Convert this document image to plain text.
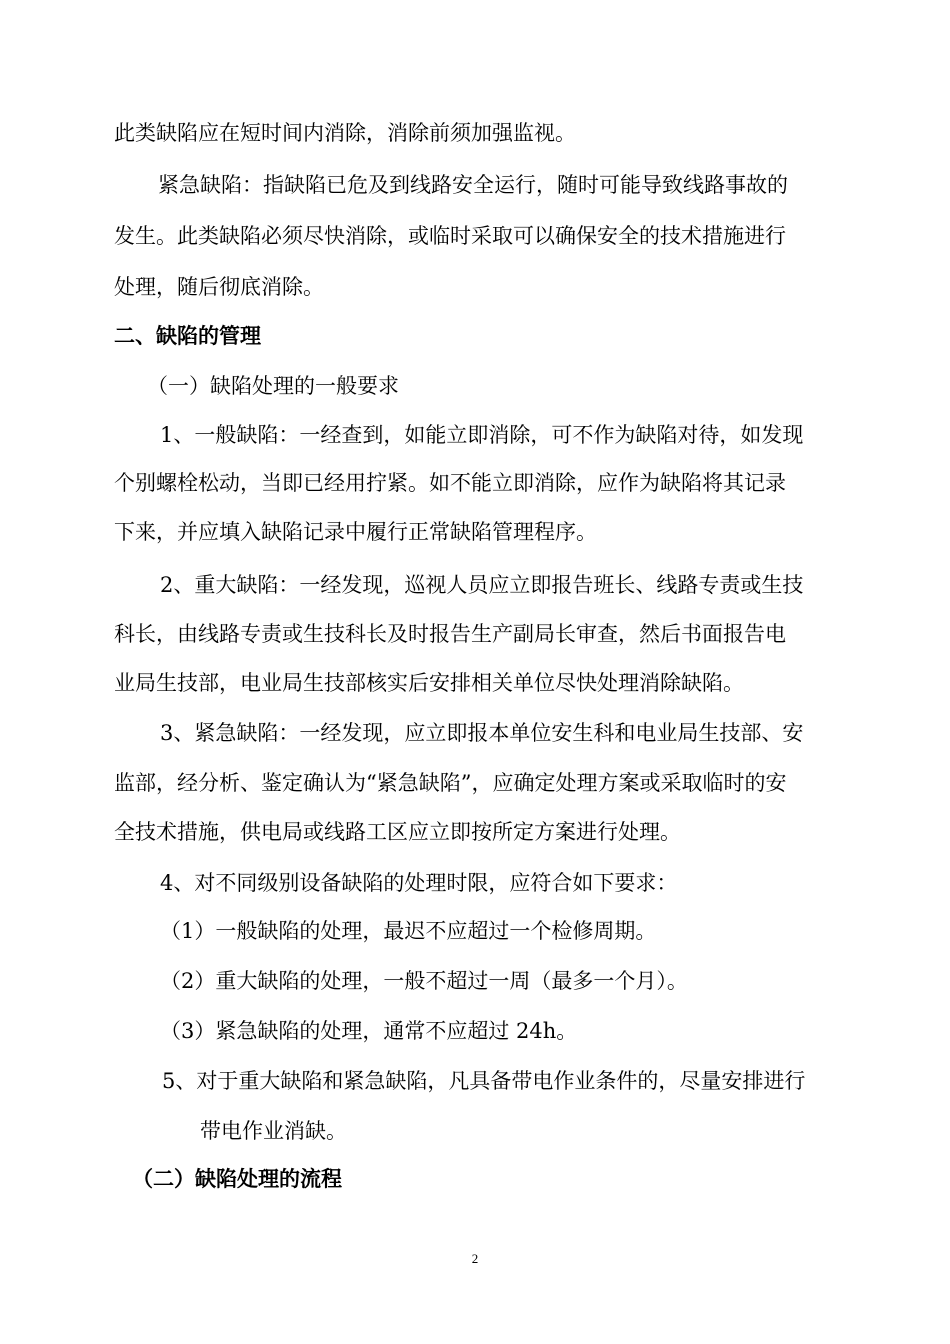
此类缺陷应在短时间内消除，消除前须加强监视。

紧急缺陷：指缺陷已危及到线路安全运行，随时可能导致线路事故的

发生。此类缺陷必须尽快消除，或临时采取可以确保安全的技术措施进行

处理，随后彻底消除。

二、缺陷的管理

（一）缺陷处理的一般要求

1、一般缺陷：一经查到，如能立即消除，可不作为缺陷对待，如发现

个别螺栓松动，当即已经用拧紧。如不能立即消除，应作为缺陷将其记录

下来，并应填入缺陷记录中履行正常缺陷管理程序。

2、重大缺陷：一经发现，巡视人员应立即报告班长、线路专责或生技

科长，由线路专责或生技科长及时报告生产副局长审查，然后书面报告电

业局生技部，电业局生技部核实后安排相关单位尽快处理消除缺陷。

3、紧急缺陷：一经发现，应立即报本单位安生科和电业局生技部、安

监部，经分析、鉴定确认为“紧急缺陷”，应确定处理方案或采取临时的安

全技术措施，供电局或线路工区应立即按所定方案进行处理。

4、对不同级别设备缺陷的处理时限，应符合如下要求：

（1）一般缺陷的处理，最迟不应超过一个检修周期。

（2）重大缺陷的处理，一般不超过一周（最多一个月）。

（3）紧急缺陷的处理，通常不应超过 24h。

5、对于重大缺陷和紧急缺陷，凡具备带电作业条件的，尽量安排进行

带电作业消缺。

（二）缺陷处理的流程

2
